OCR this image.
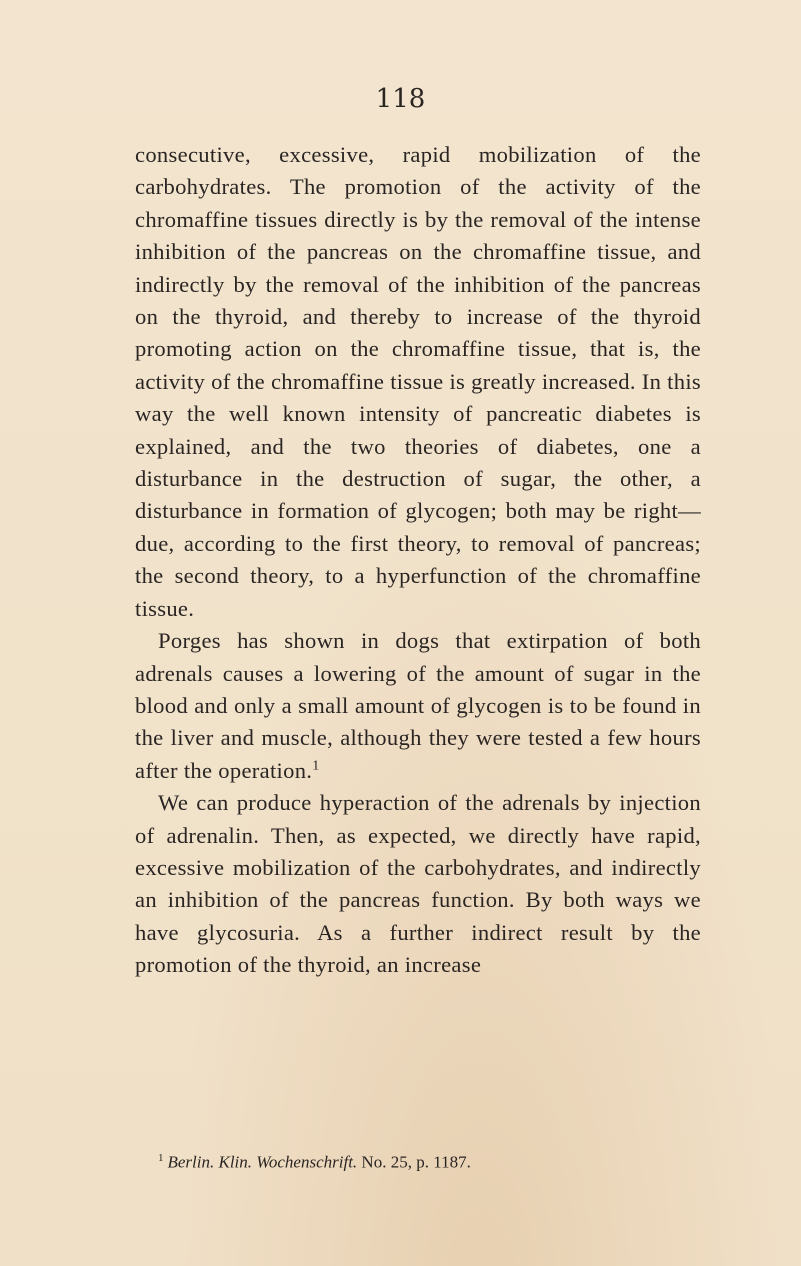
118

consecutive, excessive, rapid mobilization of the carbohydrates. The promotion of the activity of the chromaffine tissues directly is by the removal of the intense inhibition of the pancreas on the chromaffine tissue, and indirectly by the removal of the inhibition of the pancreas on the thyroid, and thereby to increase of the thyroid promoting action on the chromaffine tissue, that is, the activity of the chromaffine tissue is greatly increased. In this way the well known intensity of pancreatic diabetes is explained, and the two theories of diabetes, one a disturbance in the destruction of sugar, the other, a disturbance in formation of glycogen; both may be right—due, according to the first theory, to removal of pancreas; the second theory, to a hyperfunction of the chromaffine tissue.

Porges has shown in dogs that extirpation of both adrenals causes a lowering of the amount of sugar in the blood and only a small amount of glycogen is to be found in the liver and muscle, although they were tested a few hours after the operation.$^1$

We can produce hyperaction of the adrenals by injection of adrenalin. Then, as expected, we directly have rapid, excessive mobilization of the carbohydrates, and indirectly an inhibition of the pancreas function. By both ways we have glycosuria. As a further indirect result by the promotion of the thyroid, an increase

$^1$ Berlin. Klin. Wochenschrift. No. 25, p. 1187.
